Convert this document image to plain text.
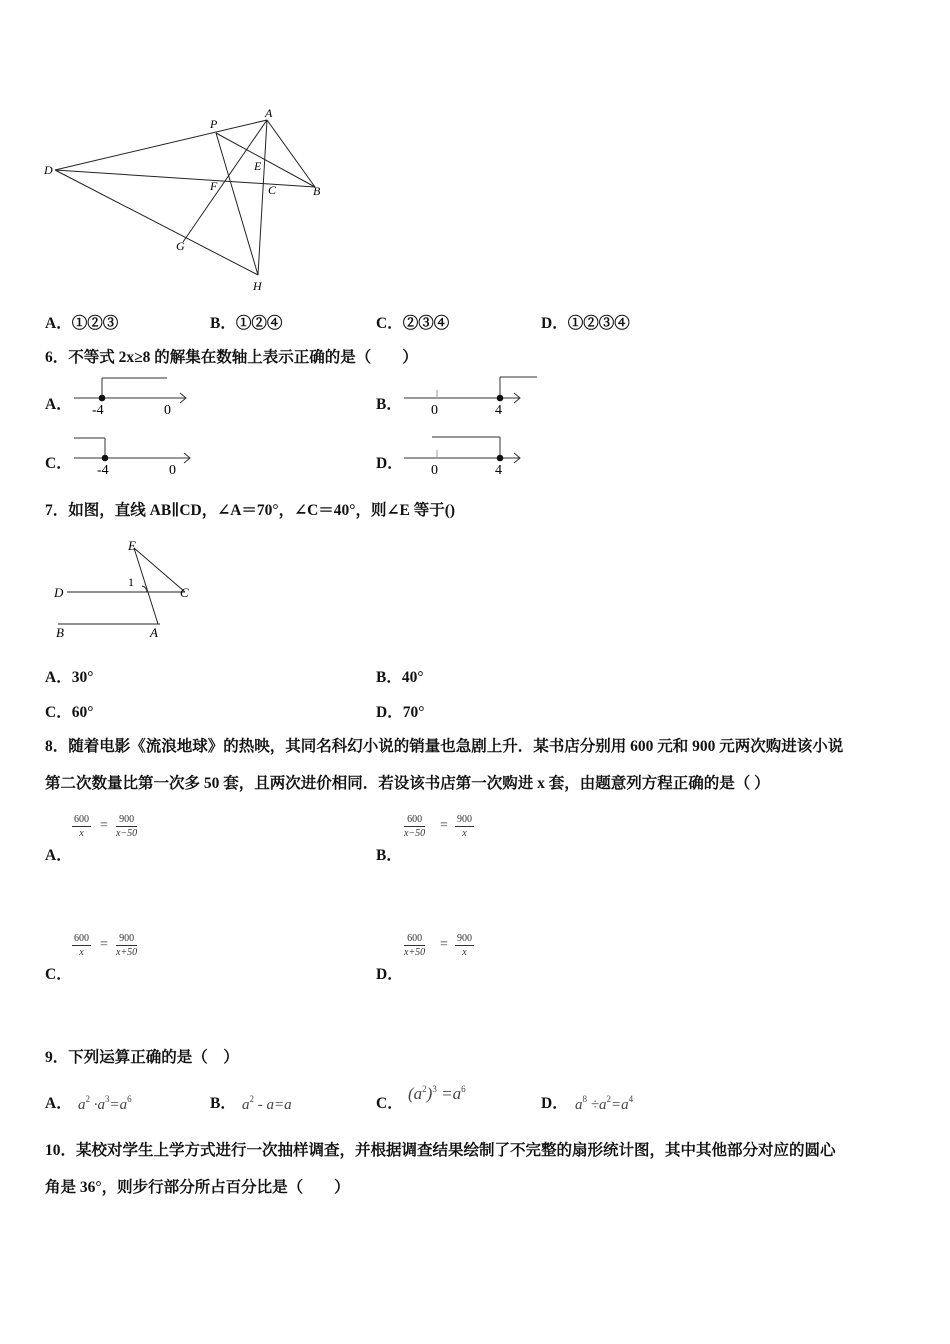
A
P
D	E
F	C	B
G
H
A．①②③	B．①②④	C．②③④	D．①②③④
6．不等式 2x≥8 的解集在数轴上表示正确的是（　　）
A． -4	0	B． 0	4
C． -4	0	D． 0	4
7．如图，直线 AB∥CD，∠A＝70°，∠C＝40°，则∠E 等于()
E
1
D	C
B	A
A．30°	B．40°
C．60°	D．70°
8．随着电影《流浪地球》的热映，其同名科幻小说的销量也急剧上升．某书店分别用 600 元和 900 元两次购进该小说
第二次数量比第一次多 50 套，且两次进价相同．若设该书店第一次购进 x 套，由题意列方程正确的是（ ）
A．
$\frac{600}{x} = \frac{900}{x-50}$
B．
$\frac{600}{x-50} = \frac{900}{x}$
C．
$\frac{600}{x} = \frac{900}{x+50}$
D．
$\frac{600}{x+50} = \frac{900}{x}$
9．下列运算正确的是（　）
A． $a^2 \cdot a^3=a^6$	B． $a^2 - a=a$	C．
$(a^2)^3 =a^6$
D． $a^8 \div a^2=a^4$
10．某校对学生上学方式进行一次抽样调查，并根据调查结果绘制了不完整的扇形统计图，其中其他部分对应的圆心
角是 36°，则步行部分所占百分比是（　　）
